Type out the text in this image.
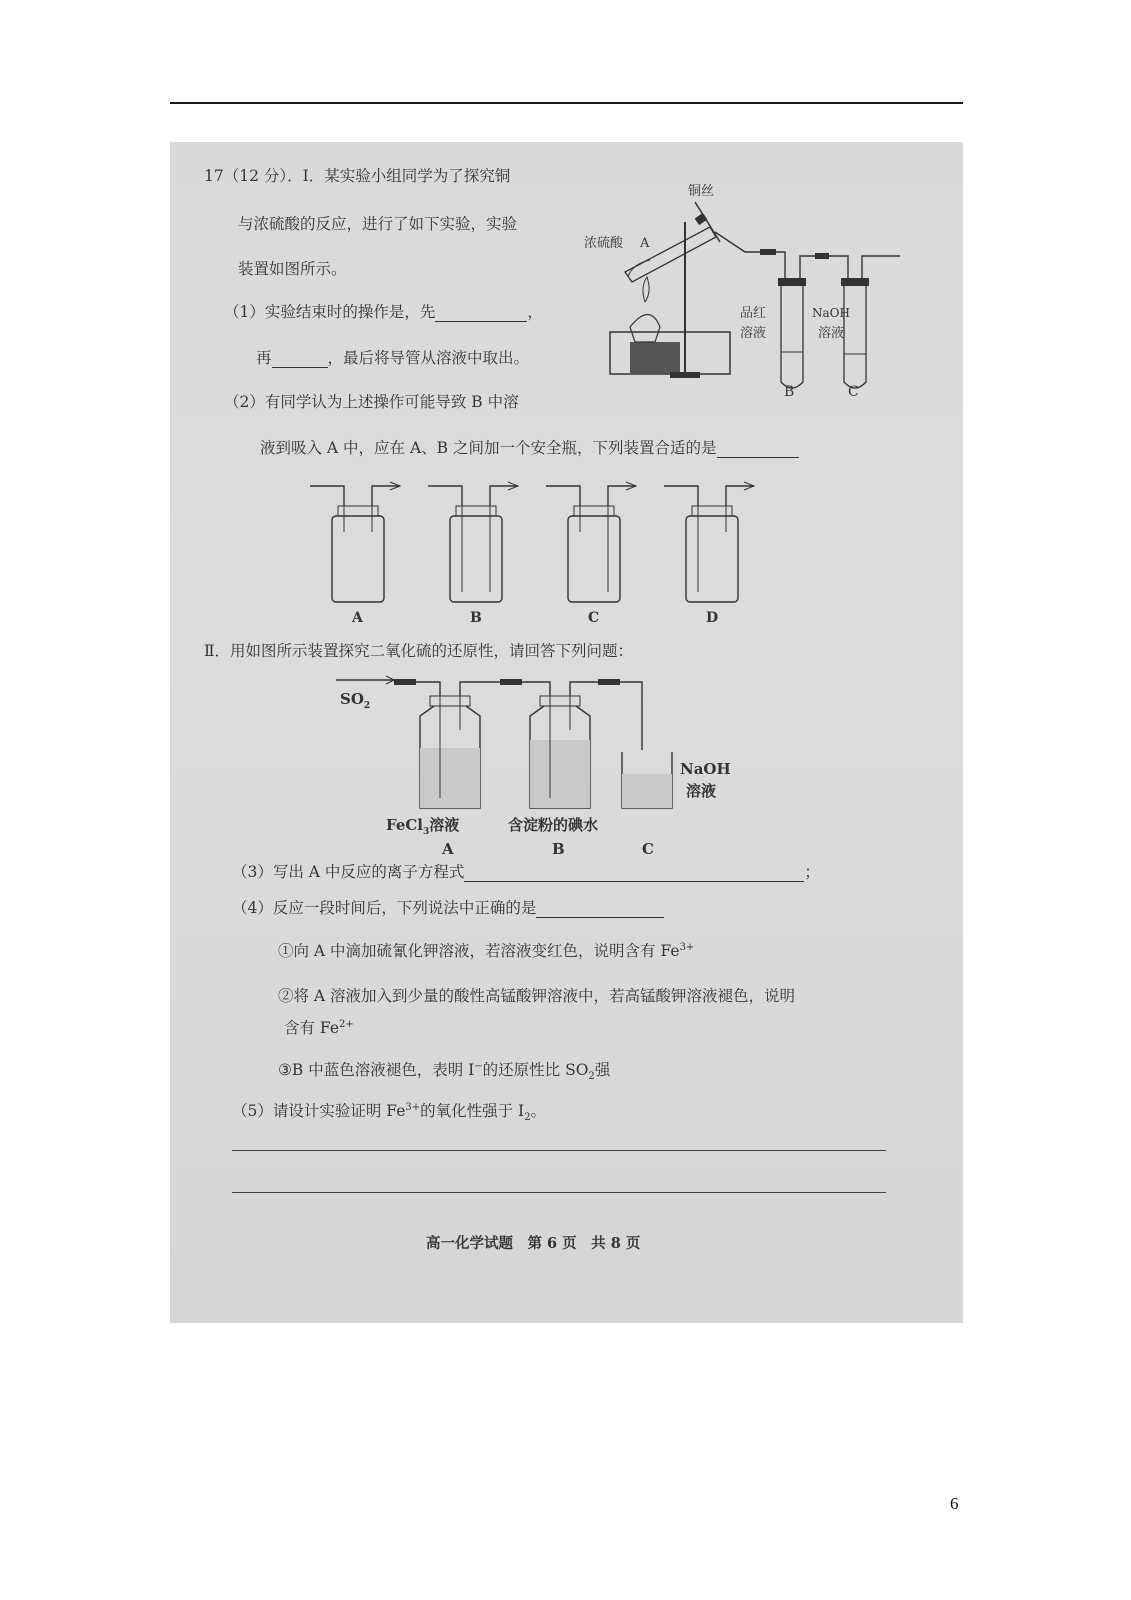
17（12 分）．Ⅰ．某实验小组同学为了探究铜
与浓硫酸的反应，进行了如下实验，实验
装置如图所示。
（1）实验结束时的操作是，先	，
再	，最后将导管从溶液中取出。
（2）有同学认为上述操作可能导致 B 中溶
液到吸入 A 中，应在 A、B 之间加一个安全瓶，下列装置合适的是
铜丝
浓硫酸 A
品红
溶液
NaOH
溶液
B	C
A	B	C	D
Ⅱ．用如图所示装置探究二氧化硫的还原性，请回答下列问题：
$SO_2$
NaOH
溶液
FeCl$_3$溶液	含淀粉的碘水
A	B	C
（3）写出 A 中反应的离子方程式	；
（4）反应一段时间后，下列说法中正确的是
①向 A 中滴加硫氰化钾溶液，若溶液变红色，说明含有 $Fe^{3+}$
②将 A 溶液加入到少量的酸性高锰酸钾溶液中，若高锰酸钾溶液褪色，说明
含有 $Fe^{2+}$
③B 中蓝色溶液褪色，表明 I−的还原性比 $SO_2$强
（5）请设计实验证明 $Fe^{3+}$的氧化性强于 $I_2$。
高一化学试题　第 6 页　共 8 页
6
